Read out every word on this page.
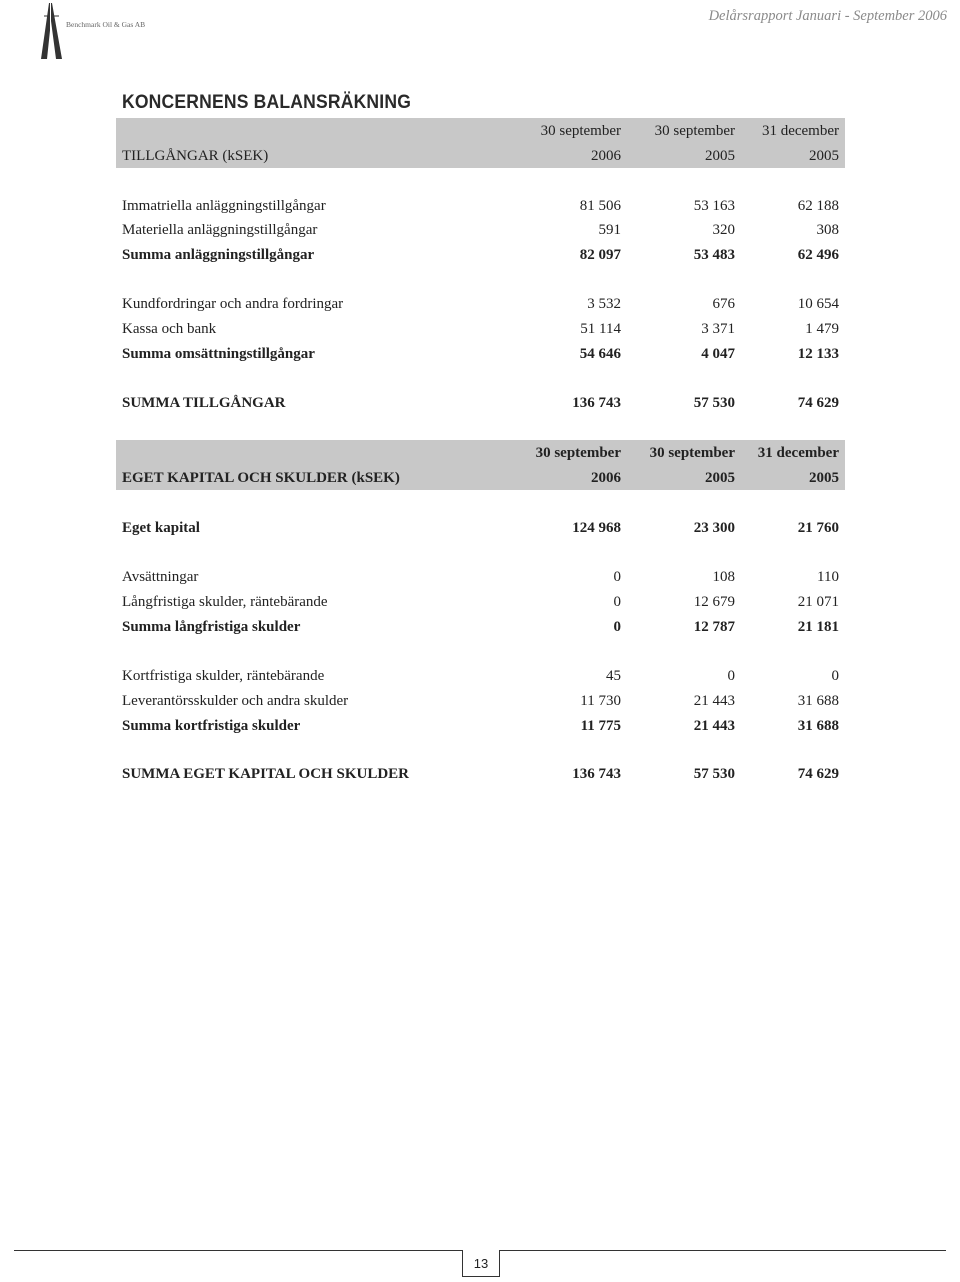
Benchmark Oil & Gas AB
Delårsrapport Januari - September 2006
KONCERNENS BALANSRÄKNING
30 september 30 september 31 december
TILLGÅNGAR (kSEK)	2006	2005	2005
Immatriella anläggningstillgångar	81 506	53 163	62 188
Materiella anläggningstillgångar	591	320	308
Summa anläggningstillgångar	82 097	53 483	62 496
Kundfordringar och andra fordringar	3 532	676	10 654
Kassa och bank	51 114	3 371	1 479
Summa omsättningstillgångar	54 646	4 047	12 133
SUMMA TILLGÅNGAR	136 743	57 530	74 629
30 september 30 september 31 december
EGET KAPITAL OCH SKULDER (kSEK)	2006	2005	2005
Eget kapital	124 968	23 300	21 760
Avsättningar	0	108	110
Långfristiga skulder, räntebärande	0	12 679	21 071
Summa långfristiga skulder	0	12 787	21 181
Kortfristiga skulder, räntebärande	45	0	0
Leverantörsskulder och andra skulder	11 730	21 443	31 688
Summa kortfristiga skulder	11 775	21 443	31 688
SUMMA EGET KAPITAL OCH SKULDER	136 743	57 530	74 629
13
